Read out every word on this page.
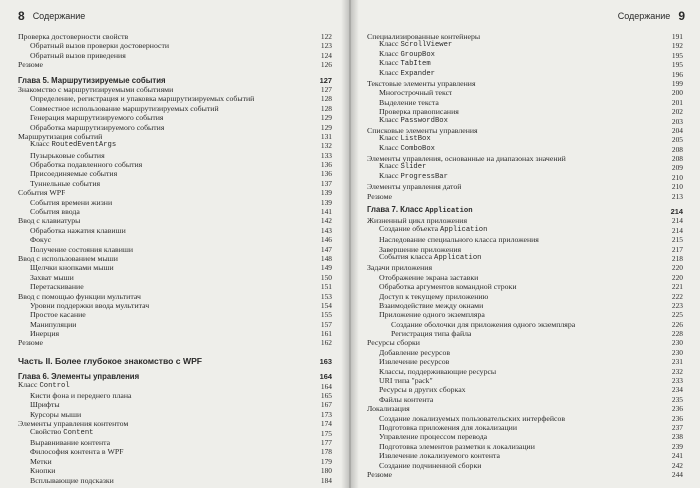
8 Содержание
Проверка достоверности свойств	122
Обратный вызов проверки достоверности	123
Обратный вызов приведения	124
Резюме	126
Глава 5. Маршрутизируемые события	127
Знакомство с маршрутизируемыми событиями	127
Определение, регистрация и упаковка маршрутизируемых событий	128
Совместное использование маршрутизируемых событий	128
Генерация маршрутизируемого события	129
Обработка маршрутизируемого события	129
Маршрутизация событий	131
Класс RoutedEventArgs	132
Пузырьковые события	133
Обработка подавленного события	136
Присоединяемые события	136
Туннельные события	137
События WPF	139
События времени жизни	139
События ввода	141
Ввод с клавиатуры	142
Обработка нажатия клавиши	143
Фокус	146
Получение состояния клавиши	147
Ввод с использованием мыши	148
Щелчки кнопками мыши	149
Захват мыши	150
Перетаскивание	151
Ввод с помощью функции мультитач	153
Уровни поддержки ввода мультитач	154
Простое касание	155
Манипуляции	157
Инерция	161
Резюме	162
Часть II. Более глубокое знакомство с WPF	163
Глава 6. Элементы управления	164
Класс Control	164
Кисти фона и переднего плана	165
Шрифты	167
Курсоры мыши	173
Элементы управления контентом	174
Свойство Content	175
Выравнивание контента	177
Философия контента в WPF	178
Метки	179
Кнопки	180
Всплывающие подсказки	184
Содержание 9
Специализированные контейнеры	191
Класс ScrollViewer	192
Класс GroupBox	195
Класс TabItem	195
Класс Expander	196
Текстовые элементы управления	199
Многострочный текст	200
Выделение текста	201
Проверка правописания	202
Класс PasswordBox	203
Списковые элементы управления	204
Класс ListBox	205
Класс ComboBox	208
Элементы управления, основанные на диапазонах значений	208
Класс Slider	209
Класс ProgressBar	210
Элементы управления датой	210
Резюме	213
Глава 7. Класс Application	214
Жизненный цикл приложения	214
Создание объекта Application	214
Наследование специального класса приложения	215
Завершение приложения	217
События класса Application	218
Задачи приложения	220
Отображение экрана заставки	220
Обработка аргументов командной строки	221
Доступ к текущему приложению	222
Взаимодействие между окнами	223
Приложение одного экземпляра	225
Создание оболочки для приложения одного экземпляра	226
Регистрация типа файла	228
Ресурсы сборки	230
Добавление ресурсов	230
Извлечение ресурсов	231
Классы, поддерживающие ресурсы	232
URI типа "pack"	233
Ресурсы в других сборках	234
Файлы контента	235
Локализация	236
Создание локализуемых пользовательских интерфейсов	236
Подготовка приложения для локализации	237
Управление процессом перевода	238
Подготовка элементов разметки к локализации	239
Извлечение локализуемого контента	241
Создание подчиненной сборки	242
Резюме	244
